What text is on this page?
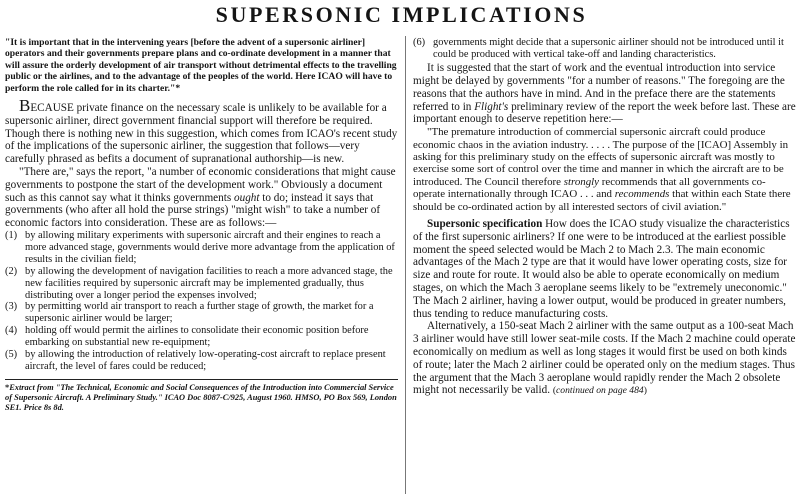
SUPERSONIC IMPLICATIONS

"It is important that in the intervening years [before the advent of a supersonic airliner] operators and their governments prepare plans and co-ordinate development in a manner that will assure the orderly development of air transport without detrimental effects to the travelling public or the airlines, and to the advantage of the peoples of the world. Here ICAO will have to perform the role called for in its charter."*

BECAUSE private finance on the necessary scale is unlikely to be available for a supersonic airliner, direct government financial support will therefore be required. Though there is nothing new in this suggestion, which comes from ICAO's recent study of the implications of the supersonic airliner, the suggestion that follows—very carefully phrased as befits a document of supranational authorship—is new.

"There are," says the report, "a number of economic considerations that might cause governments to postpone the start of the development work." Obviously a document such as this cannot say what it thinks governments ought to do; instead it says that governments (who after all hold the purse strings) "might wish" to take a number of economic factors into consideration. These are as follows:—

(1) by allowing military experiments with supersonic aircraft and their engines to reach a more advanced stage, governments would derive more advantage from the application of results in the civilian field;
(2) by allowing the development of navigation facilities to reach a more advanced stage, the new facilities required by supersonic aircraft may be implemented gradually, thus distributing over a longer period the expenses involved;
(3) by permitting world air transport to reach a further stage of growth, the market for a supersonic airliner would be larger;
(4) holding off would permit the airlines to consolidate their economic position before embarking on substantial new re-equipment;
(5) by allowing the introduction of relatively low-operating-cost aircraft to replace present aircraft, the level of fares could be reduced;

*Extract from "The Technical, Economic and Social Consequences of the Introduction into Commercial Service of Supersonic Aircraft. A Preliminary Study." ICAO Doc 8087-C/925, August 1960. HMSO, PO Box 569, London SE1. Price 8s 8d.

(6) governments might decide that a supersonic airliner should not be introduced until it could be produced with vertical take-off and landing characteristics.

It is suggested that the start of work and the eventual introduction into service might be delayed by governments "for a number of reasons." The foregoing are the reasons that the authors have in mind. And in the preface there are the statements referred to in Flight's preliminary review of the report the week before last. These are important enough to deserve repetition here:—

"The premature introduction of commercial supersonic aircraft could produce economic chaos in the aviation industry. . . . . The purpose of the [ICAO] Assembly in asking for this preliminary study on the effects of supersonic aircraft was mostly to exercise some sort of control over the time and manner in which the aircraft are to be introduced. The Council therefore strongly recommends that all governments co-operate internationally through ICAO . . . and recommends that within each State there should be co-ordinated action by all interested sectors of civil aviation."

Supersonic specification How does the ICAO study visualize the characteristics of the first supersonic airliners? If one were to be introduced at the earliest possible moment the speed selected would be Mach 2 to Mach 2.3. The main economic advantages of the Mach 2 type are that it would have lower operating costs, size for size and route for route. It would also be able to operate economically on medium stages, on which the Mach 3 aeroplane seems likely to be "extremely uneconomic." The Mach 2 airliner, having a lower output, would be produced in greater numbers, thus tending to reduce manufacturing costs.

Alternatively, a 150-seat Mach 2 airliner with the same output as a 100-seat Mach 3 airliner would have still lower seat-mile costs. If the Mach 2 machine could operate economically on medium as well as long stages it would first be used on both kinds of route; later the Mach 2 airliner could be operated only on the medium stages. Thus the argument that the Mach 3 aeroplane would rapidly render the Mach 2 obsolete might not necessarily be valid. (continued on page 484)
